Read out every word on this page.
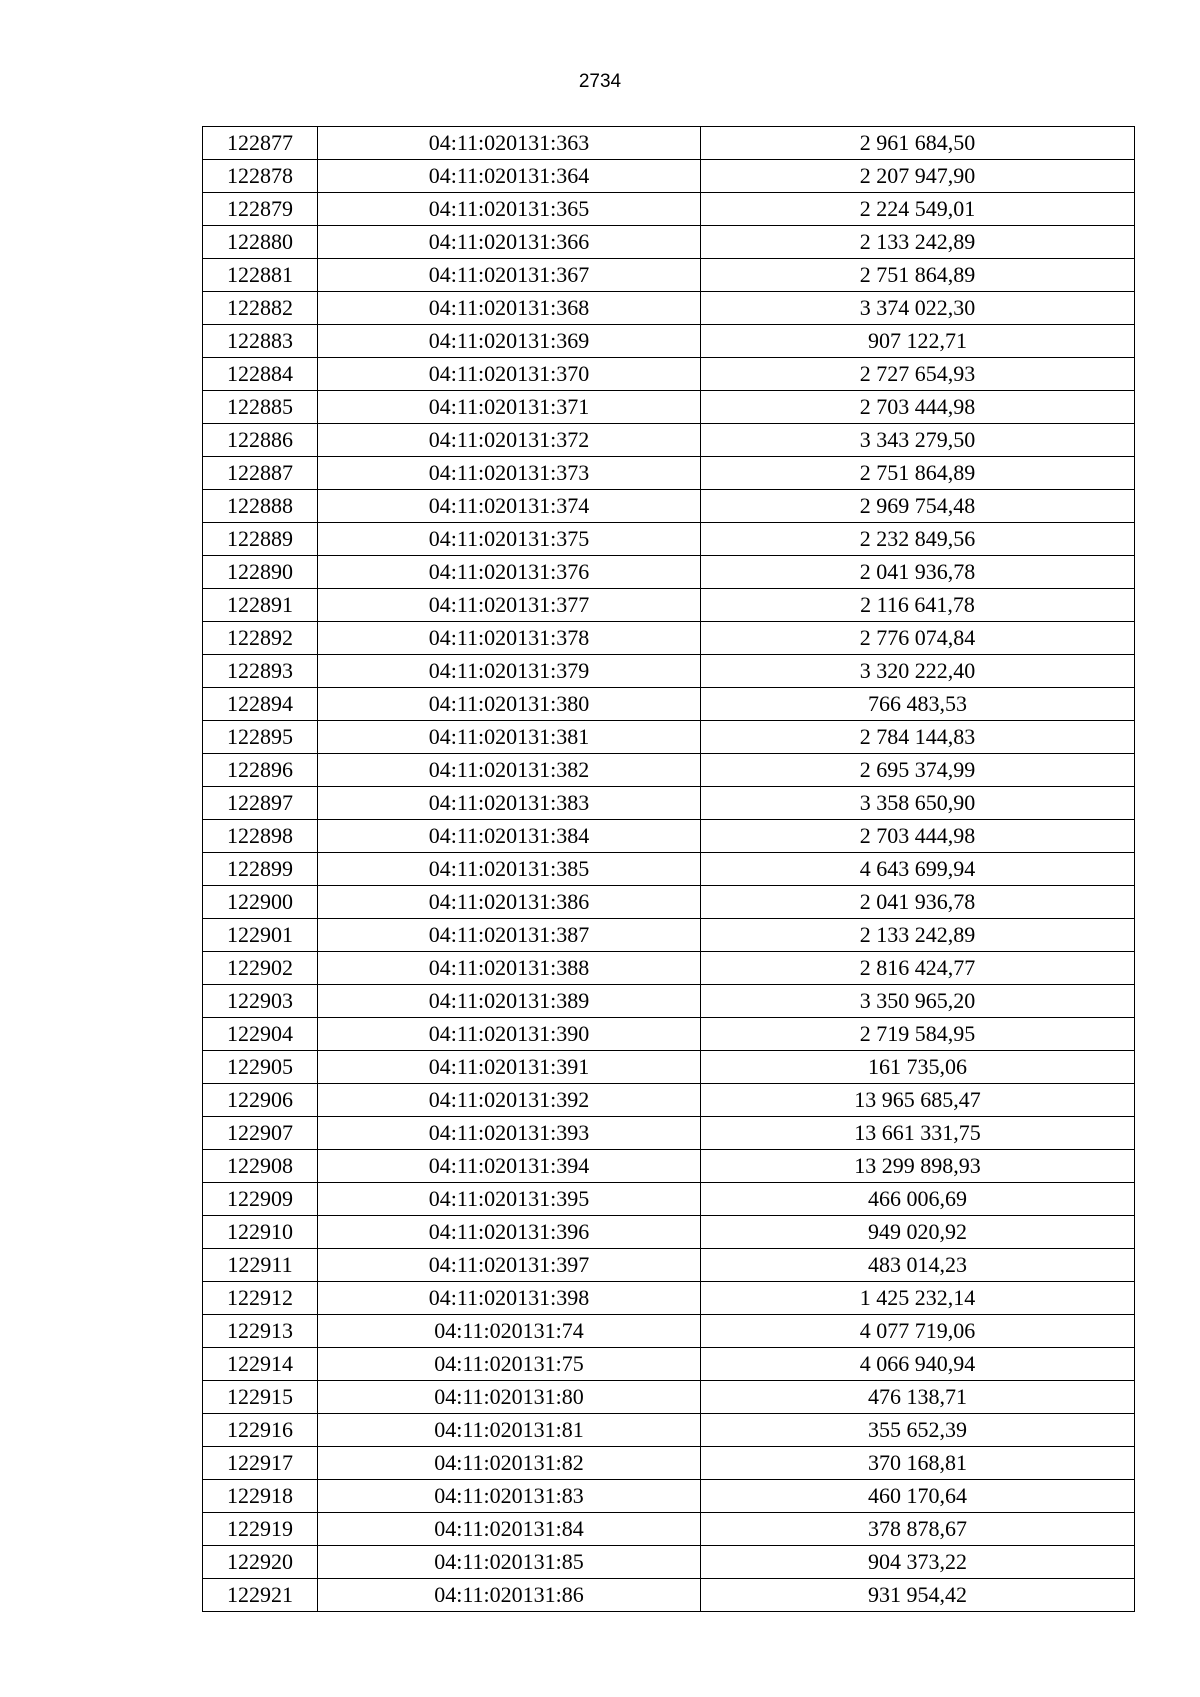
2734
122877	04:11:020131:363	2 961 684,50
122878	04:11:020131:364	2 207 947,90
122879	04:11:020131:365	2 224 549,01
122880	04:11:020131:366	2 133 242,89
122881	04:11:020131:367	2 751 864,89
122882	04:11:020131:368	3 374 022,30
122883	04:11:020131:369	907 122,71
122884	04:11:020131:370	2 727 654,93
122885	04:11:020131:371	2 703 444,98
122886	04:11:020131:372	3 343 279,50
122887	04:11:020131:373	2 751 864,89
122888	04:11:020131:374	2 969 754,48
122889	04:11:020131:375	2 232 849,56
122890	04:11:020131:376	2 041 936,78
122891	04:11:020131:377	2 116 641,78
122892	04:11:020131:378	2 776 074,84
122893	04:11:020131:379	3 320 222,40
122894	04:11:020131:380	766 483,53
122895	04:11:020131:381	2 784 144,83
122896	04:11:020131:382	2 695 374,99
122897	04:11:020131:383	3 358 650,90
122898	04:11:020131:384	2 703 444,98
122899	04:11:020131:385	4 643 699,94
122900	04:11:020131:386	2 041 936,78
122901	04:11:020131:387	2 133 242,89
122902	04:11:020131:388	2 816 424,77
122903	04:11:020131:389	3 350 965,20
122904	04:11:020131:390	2 719 584,95
122905	04:11:020131:391	161 735,06
122906	04:11:020131:392	13 965 685,47
122907	04:11:020131:393	13 661 331,75
122908	04:11:020131:394	13 299 898,93
122909	04:11:020131:395	466 006,69
122910	04:11:020131:396	949 020,92
122911	04:11:020131:397	483 014,23
122912	04:11:020131:398	1 425 232,14
122913	04:11:020131:74	4 077 719,06
122914	04:11:020131:75	4 066 940,94
122915	04:11:020131:80	476 138,71
122916	04:11:020131:81	355 652,39
122917	04:11:020131:82	370 168,81
122918	04:11:020131:83	460 170,64
122919	04:11:020131:84	378 878,67
122920	04:11:020131:85	904 373,22
122921	04:11:020131:86	931 954,42
